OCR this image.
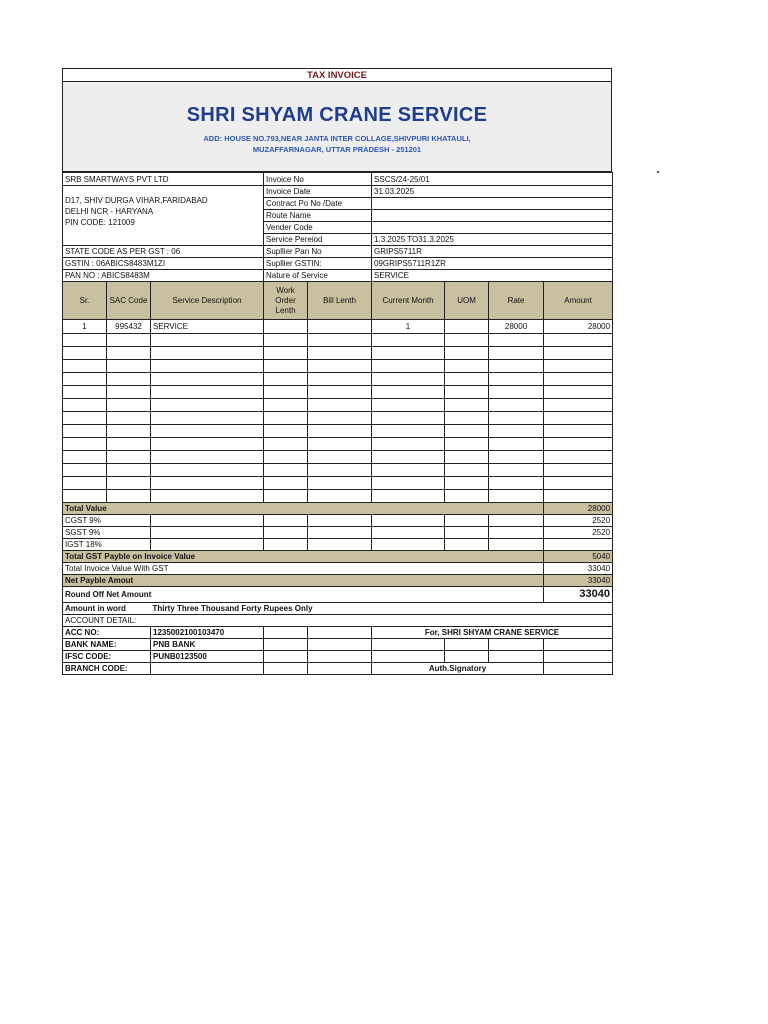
TAX INVOICE
SHRI SHYAM CRANE SERVICE
ADD: HOUSE NO.793,NEAR JANTA INTER COLLAGE,SHIVPURI KHATAULI,
MUZAFFARNAGAR, UTTAR PRADESH - 251201
SRB SMARTWAYS PVT LTD			Invoice No		SSCS/24-25/01			

D17, SHIV DURGA VIHAR,FARIDABAD
DELHI NCR - HARYANA
PIN CODE: 121009			Invoice Date		31.03.2025			
			Contract Po No /Date					
			Route Name					
			Vender Code					
			Service Pereiod		1.3.2025 TO31.3.2025			
STATE CODE AS PER GST : 06			Supllier Pan No		GRIPS5711R			
GSTIN : 06ABICS8483M1ZI			Supllier GSTIN:		09GRIPS5711R1ZR			
PAN NO : ABICS8483M			Nature of Service		SERVICE			
Sr.	SAC Code	Service Description	Work
Order
Lenth	Bill Lenth	Current Month	UOM	Rate	Amount
1	995432	SERVICE			1		28000	28000

Total Value							28000
CGST 9%							2520
SGST 9%							2520
IGST 18%							
Total GST Payble on Invoice Value							5040
Total Invoice Value With GST							33040
Net Payble Amout							33040
Round Off Net Amount							33040
Amount in word	Thirty Three Thousand Forty Rupees Only						
ACCOUNT DETAIL:							
ACC NO:	1235002100103470			For, SHRI SHYAM CRANE SERVICE			
BANK NAME:	PNB BANK						
IFSC CODE:	PUNB0123500						
BRANCH CODE:				Auth.Signatory			
